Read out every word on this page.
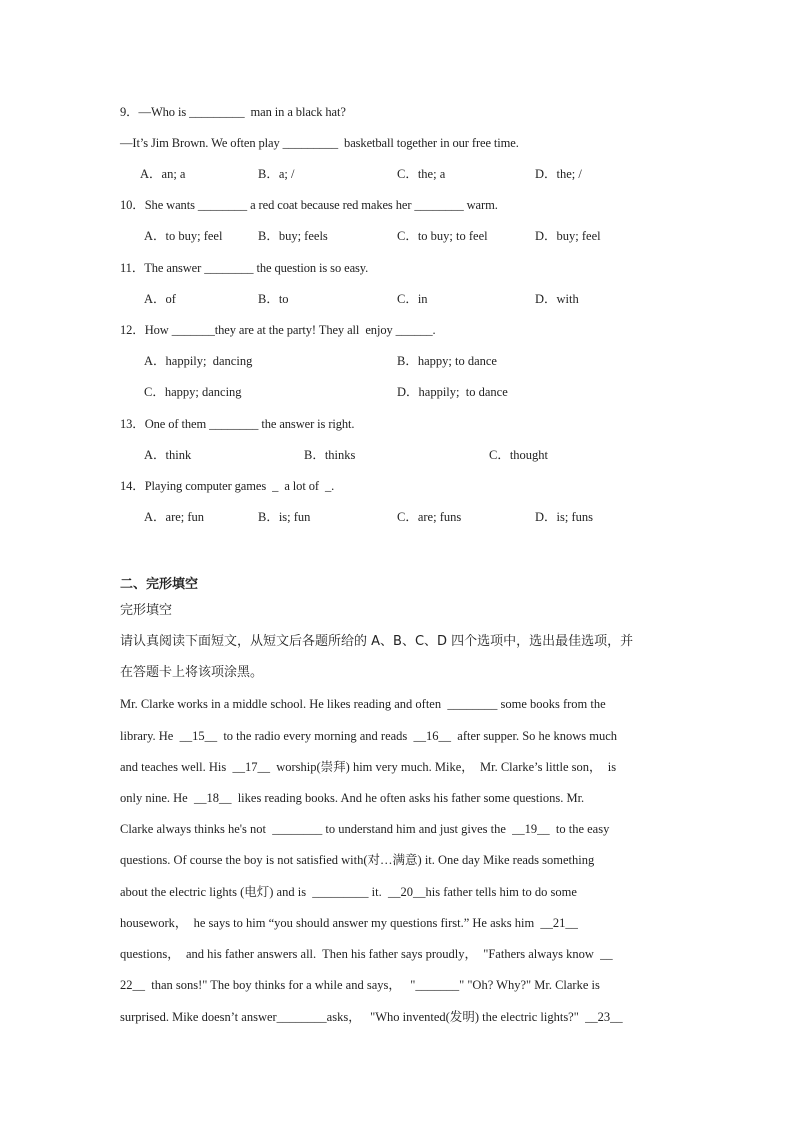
9．—Who is _________  man in a black hat?
—It’s Jim Brown. We often play _________  basketball together in our free time.
A．an; a	B．a; /	C．the; a	D．the; /
10．She wants ________ a red coat because red makes her ________ warm.
A．to buy; feel	B．buy; feels	C．to buy; to feel	D．buy; feel
11．The answer ________ the question is so easy.
A．of	B．to	C．in	D．with
12．How _______they are at the party! They all  enjoy ______.
A．happily;  dancing	B．happy; to dance
C．happy; dancing	D．happily;  to dance
13．One of them ________ the answer is right.
A．think	B．thinks	C．thought
14．Playing computer games  _  a lot of  _.
A．are; fun	B．is; fun	C．are; funs	D．is; funs
二、完形填空
完形填空
请认真阅读下面短文，从短文后各题所给的 A、B、C、D 四个选项中，选出最佳选项，并
在答题卡上将该项涂黑。
Mr. Clarke works in a middle school. He likes reading and often  ________ some books from the
library. He  __15__  to the radio every morning and reads  __16__  after supper. So he knows much
and teaches well. His  __17__  worship(崇拜) him very much. Mike，  Mr. Clarke’s little son，  is
only nine. He  __18__  likes reading books. And he often asks his father some questions. Mr.
Clarke always thinks he's not  ________ to understand him and just gives the  __19__  to the easy
questions. Of course the boy is not satisfied with(对…满意) it. One day Mike reads something
about the electric lights (电灯) and is  _________ it.  __20__his father tells him to do some
housework，  he says to him “you should answer my questions first.” He asks him  __21__
questions，  and his father answers all.  Then his father says proudly，  "Fathers always know  __
22__  than sons!" The boy thinks for a while and says，   "_______" "Oh? Why?" Mr. Clarke is
surprised. Mike doesn’t answer________asks，   "Who invented(发明) the electric lights?"  __23__
